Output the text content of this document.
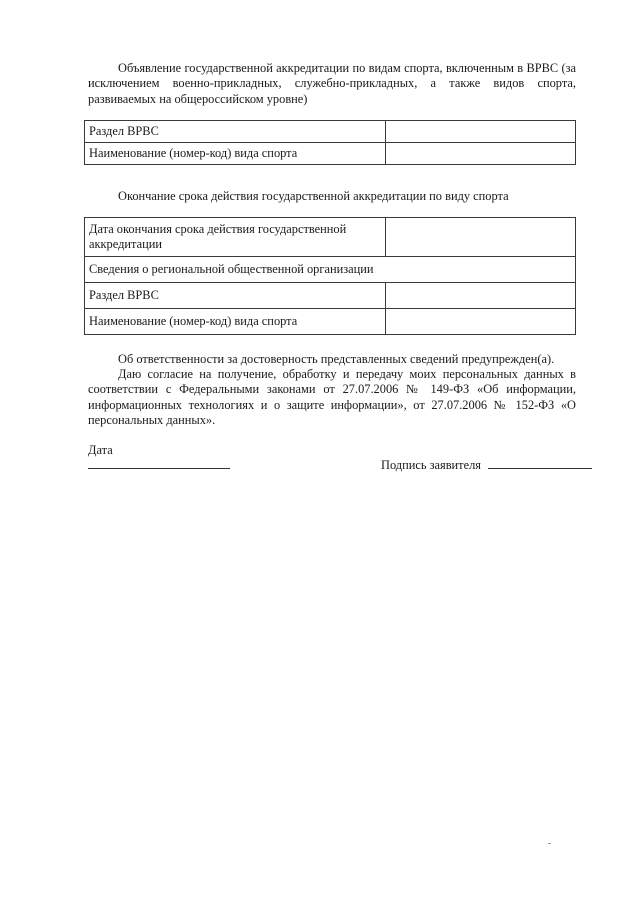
Объявление государственной аккредитации по видам спорта, включенным в ВРВС (за исключением военно-прикладных, служебно-прикладных, а также видов спорта, развиваемых на общероссийском уровне)

Раздел ВРВС	
Наименование (номер-код) вида спорта	

Окончание срока действия государственной аккредитации по виду спорта

Дата окончания срока действия государственной аккредитации	
Сведения о региональной общественной организации	
Раздел ВРВС	
Наименование (номер-код) вида спорта	

Об ответственности за достоверность представленных сведений предупрежден(а).

Даю согласие на получение, обработку и передачу моих персональных данных в соответствии с Федеральными законами от 27.07.2006 № 149-ФЗ «Об информации, информационных технологиях и о защите информации», от 27.07.2006 № 152-ФЗ «О персональных данных».

Дата
Подпись заявителя
